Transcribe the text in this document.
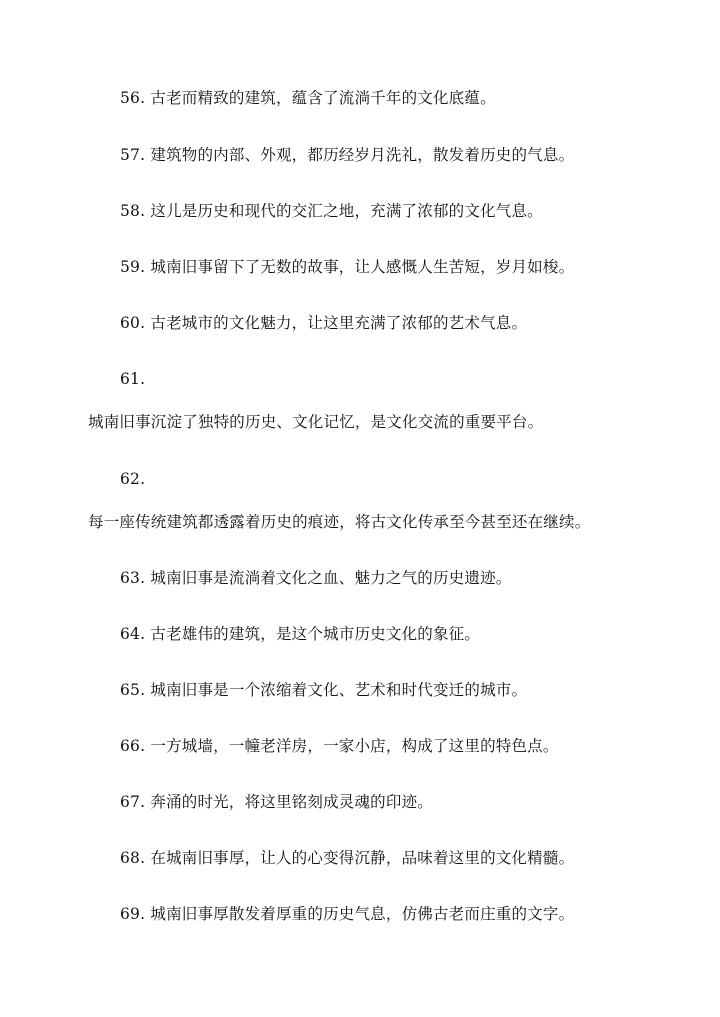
56. 古老而精致的建筑，蕴含了流淌千年的文化底蕴。
57. 建筑物的内部、外观，都历经岁月洗礼，散发着历史的气息。
58. 这儿是历史和现代的交汇之地，充满了浓郁的文化气息。
59. 城南旧事留下了无数的故事，让人感慨人生苦短，岁月如梭。
60. 古老城市的文化魅力，让这里充满了浓郁的艺术气息。
61.
城南旧事沉淀了独特的历史、文化记忆，是文化交流的重要平台。
62.
每一座传统建筑都透露着历史的痕迹，将古文化传承至今甚至还在继续。
63. 城南旧事是流淌着文化之血、魅力之气的历史遗迹。
64. 古老雄伟的建筑，是这个城市历史文化的象征。
65. 城南旧事是一个浓缩着文化、艺术和时代变迁的城市。
66. 一方城墙，一幢老洋房，一家小店，构成了这里的特色点。
67. 奔涌的时光，将这里铭刻成灵魂的印迹。
68. 在城南旧事厚，让人的心变得沉静，品味着这里的文化精髓。
69. 城南旧事厚散发着厚重的历史气息，仿佛古老而庄重的文字。
